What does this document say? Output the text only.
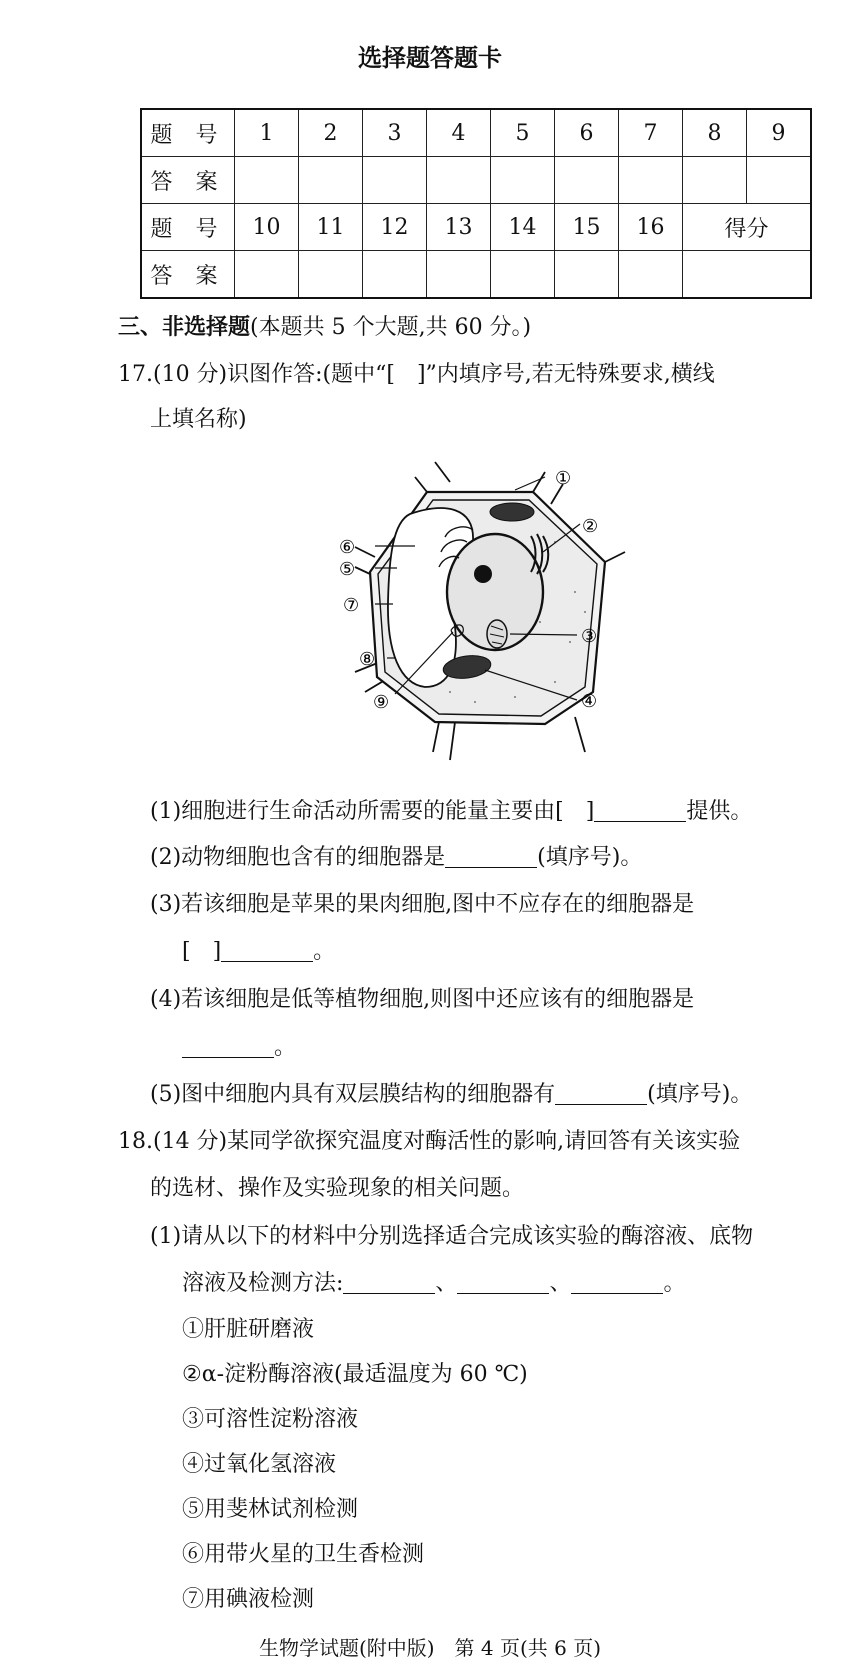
选择题答题卡
题 号	1	2	3	4	5	6	7	8	9
答 案									
题 号	10	11	12	13	14	15	16	得分	
答 案									
三、非选择题(本题共 5 个大题,共 60 分。)
17.(10 分)识图作答:(题中“[　]”内填序号,若无特殊要求,横线
上填名称)
①
②
③
④
⑤
⑥
⑦
⑧
⑨
(1)细胞进行生命活动所需要的能量主要由[　]	提供。
(2)动物细胞也含有的细胞器是	(填序号)。
(3)若该细胞是苹果的果肉细胞,图中不应存在的细胞器是
[　]	。
(4)若该细胞是低等植物细胞,则图中还应该有的细胞器是
。
(5)图中细胞内具有双层膜结构的细胞器有	(填序号)。
18.(14 分)某同学欲探究温度对酶活性的影响,请回答有关该实验
的选材、操作及实验现象的相关问题。
(1)请从以下的材料中分别选择适合完成该实验的酶溶液、底物
溶液及检测方法:	、	、	。
①肝脏研磨液
②α-淀粉酶溶液(最适温度为 60 ℃)
③可溶性淀粉溶液
④过氧化氢溶液
⑤用斐林试剂检测
⑥用带火星的卫生香检测
⑦用碘液检测
生物学试题(附中版)　第 4 页(共 6 页)
